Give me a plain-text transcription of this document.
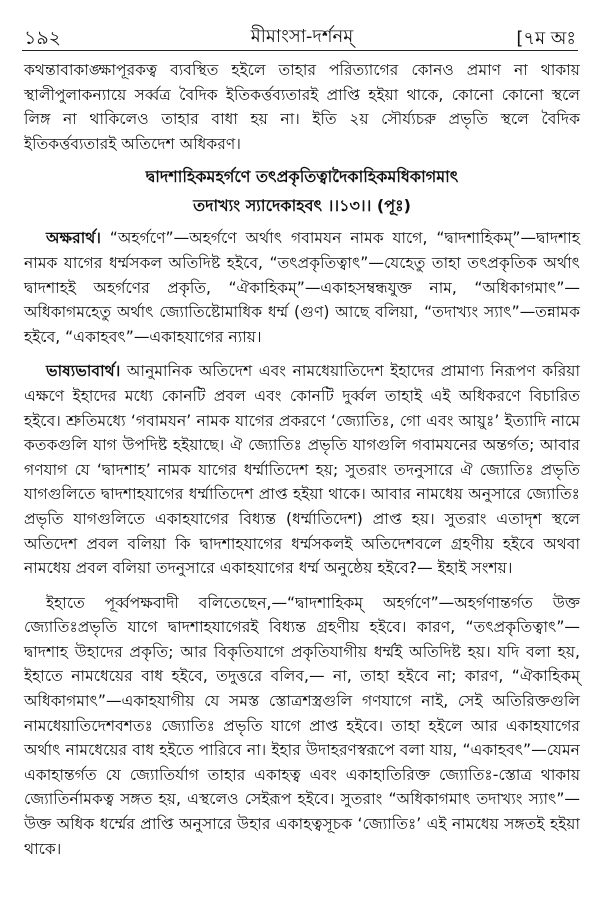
১৯২	মীমাংসা-দর্শনম্	[৭ম অঃ

কথন্তাবাকাঙ্ক্ষাপূরকত্ব ব্যবস্থিত হইলে তাহার পরিত্যাগের কোনও প্রমাণ না থাকায় স্থালীপুলাকন্যায়ে সর্ব্বত্র বৈদিক ইতিকর্ত্তব্যতারই প্রাপ্তি হইয়া থাকে, কোনো কোনো স্থলে লিঙ্গ না থাকিলেও তাহার বাধা হয় না। ইতি ২য় সৌর্য্যচরু প্রভৃতি স্থলে বৈদিক ইতিকর্ত্তব্যতারই অতিদেশ অধিকরণ।

দ্বাদশাহিকমহর্গণে তৎপ্রকৃতিত্বাদৈকাহিকমধিকাগমাৎ
তদাখ্যং স্যাদেকাহবৎ ।।১৩।। (পূঃ)

অক্ষরার্থ। “অহর্গণে”—অহর্গণে অর্থাৎ গবামযন নামক যাগে, “দ্বাদশাহিকম্”—দ্বাদশাহ নামক যাগের ধর্ম্মসকল অতিদিষ্ট হইবে, “তৎপ্রকৃতিত্বাৎ”—যেহেতু তাহা তৎপ্রকৃতিক অর্থাৎ দ্বাদশাহই অহর্গণের প্রকৃতি, “ঐকাহিকম্”—একাহসম্বন্ধযুক্ত নাম, “অধিকাগমাৎ”—অধিকাগমহেতু অর্থাৎ জ্যোতিষ্টোমাধিক ধর্ম্ম (গুণ) আছে বলিয়া, “তদাখ্যং স্যাৎ”—তন্নামক হইবে, “একাহবৎ”—একাহযাগের ন্যায়।

ভাষ্যভাবার্থ। আনুমানিক অতিদেশ এবং নামধেয়াতিদেশ ইহাদের প্রামাণ্য নিরূপণ করিয়া এক্ষণে ইহাদের মধ্যে কোনটি প্রবল এবং কোনটি দুর্ব্বল তাহাই এই অধিকরণে বিচারিত হইবে। শ্রুতিমধ্যে ‘গবামযন’ নামক যাগের প্রকরণে ‘জ্যোতিঃ, গো এবং আয়ুঃ’ ইত্যাদি নামে কতকগুলি যাগ উপদিষ্ট হইয়াছে। ঐ জ্যোতিঃ প্রভৃতি যাগগুলি গবামযনের অন্তর্গত; আবার গণযাগ যে ‘দ্বাদশাহ’ নামক যাগের ধর্ম্মাতিদেশ হয়; সুতরাং তদনুসারে ঐ জ্যোতিঃ প্রভৃতি যাগগুলিতে দ্বাদশাহযাগের ধর্ম্মাতিদেশ প্রাপ্ত হইয়া থাকে। আবার নামধেয় অনুসারে জ্যোতিঃ প্রভৃতি যাগগুলিতে একাহযাগের বিধ্যন্ত (ধর্ম্মাতিদেশ) প্রাপ্ত হয়। সুতরাং এতাদৃশ স্থলে অতিদেশ প্রবল বলিয়া কি দ্বাদশাহযাগের ধর্ম্মসকলই অতিদেশবলে গ্রহণীয় হইবে অথবা নামধেয় প্রবল বলিয়া তদনুসারে একাহযাগের ধর্ম্ম অনুষ্ঠেয় হইবে?— ইহাই সংশয়।

ইহাতে পূর্ব্বপক্ষবাদী বলিতেছেন,—“দ্বাদশাহিকম্ অহর্গণে”—অহর্গণান্তর্গত উক্ত জ্যোতিঃপ্রভৃতি যাগে দ্বাদশাহযাগেরই বিধ্যন্ত গ্রহণীয় হইবে। কারণ, “তৎপ্রকৃতিত্বাৎ”—দ্বাদশাহ উহাদের প্রকৃতি; আর বিকৃতিযাগে প্রকৃতিযাগীয় ধর্ম্মই অতিদিষ্ট হয়। যদি বলা হয়, ইহাতে নামধেয়ের বাধ হইবে, তদুত্তরে বলিব,— না, তাহা হইবে না; কারণ, “ঐকাহিকম্ অধিকাগমাৎ”—একাহযাগীয় যে সমস্ত স্তোত্রশস্ত্রগুলি গণযাগে নাই, সেই অতিরিক্তগুলি নামধেয়াতিদেশবশতঃ জ্যোতিঃ প্রভৃতি যাগে প্রাপ্ত হইবে। তাহা হইলে আর একাহযাগের অর্থাৎ নামধেয়ের বাধ হইতে পারিবে না। ইহার উদাহরণস্বরূপে বলা যায়, “একাহবৎ”—যেমন একাহান্তর্গত যে জ্যোতির্যাগ তাহার একাহত্ব এবং একাহাতিরিক্ত জ্যোতিঃ-স্তোত্র থাকায় জ্যোতির্নামকত্ব সঙ্গত হয়, এস্থলেও সেইরূপ হইবে। সুতরাং “অধিকাগমাৎ তদাখ্যং স্যাৎ”—উক্ত অধিক ধর্ম্মের প্রাপ্তি অনুসারে উহার একাহত্বসূচক ‘জ্যোতিঃ’ এই নামধেয় সঙ্গতই হইয়া থাকে।
